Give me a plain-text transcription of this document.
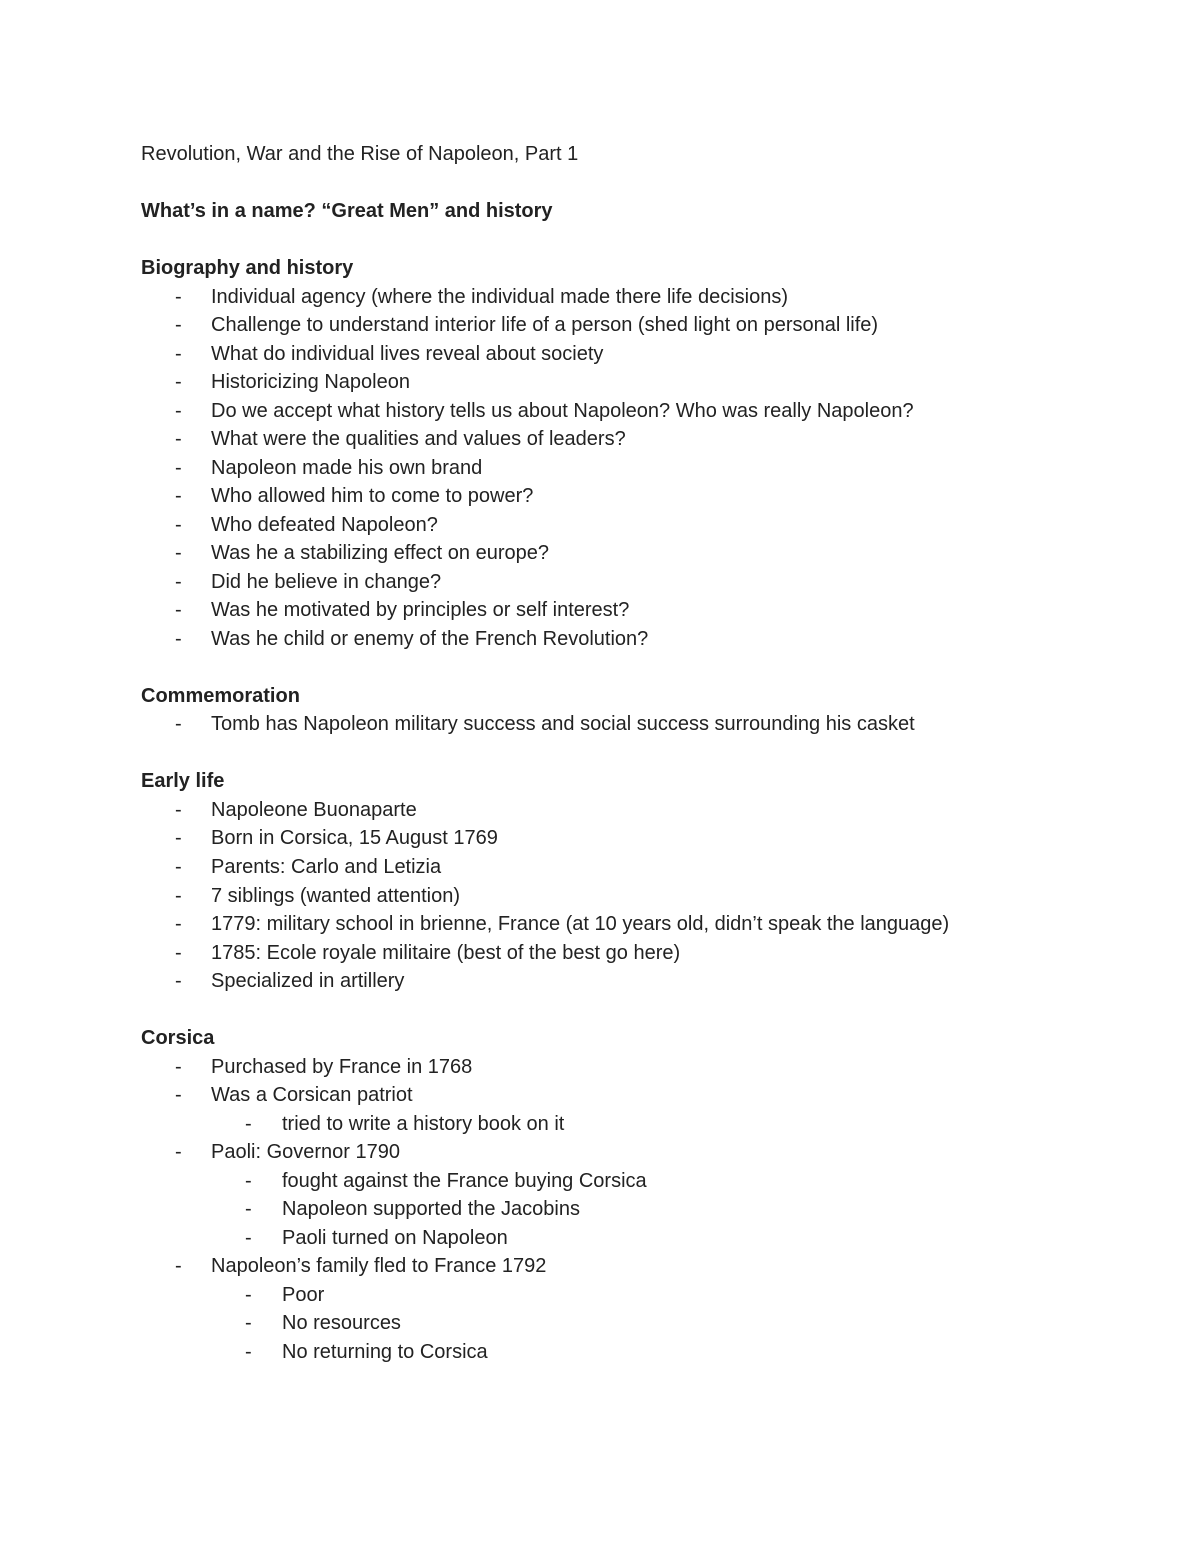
Revolution, War and the Rise of Napoleon, Part 1
What’s in a name? “Great Men” and history
Biography and history
- Individual agency (where the individual made there life decisions)
- Challenge to understand interior life of a person (shed light on personal life)
- What do individual lives reveal about society
- Historicizing Napoleon
- Do we accept what history tells us about Napoleon? Who was really Napoleon?
- What were the qualities and values of leaders?
- Napoleon made his own brand
- Who allowed him to come to power?
- Who defeated Napoleon?
- Was he a stabilizing effect on europe?
- Did he believe in change?
- Was he motivated by principles or self interest?
- Was he child or enemy of the French Revolution?
Commemoration
- Tomb has Napoleon military success and social success surrounding his casket
Early life
- Napoleone Buonaparte
- Born in Corsica, 15 August 1769
- Parents: Carlo and Letizia
- 7 siblings (wanted attention)
- 1779: military school in brienne, France (at 10 years old, didn’t speak the language)
- 1785: Ecole royale militaire (best of the best go here)
- Specialized in artillery
Corsica
- Purchased by France in 1768
- Was a Corsican patriot
- tried to write a history book on it
- Paoli: Governor 1790
- fought against the France buying Corsica
- Napoleon supported the Jacobins
- Paoli turned on Napoleon
- Napoleon’s family fled to France 1792
- Poor
- No resources
- No returning to Corsica
